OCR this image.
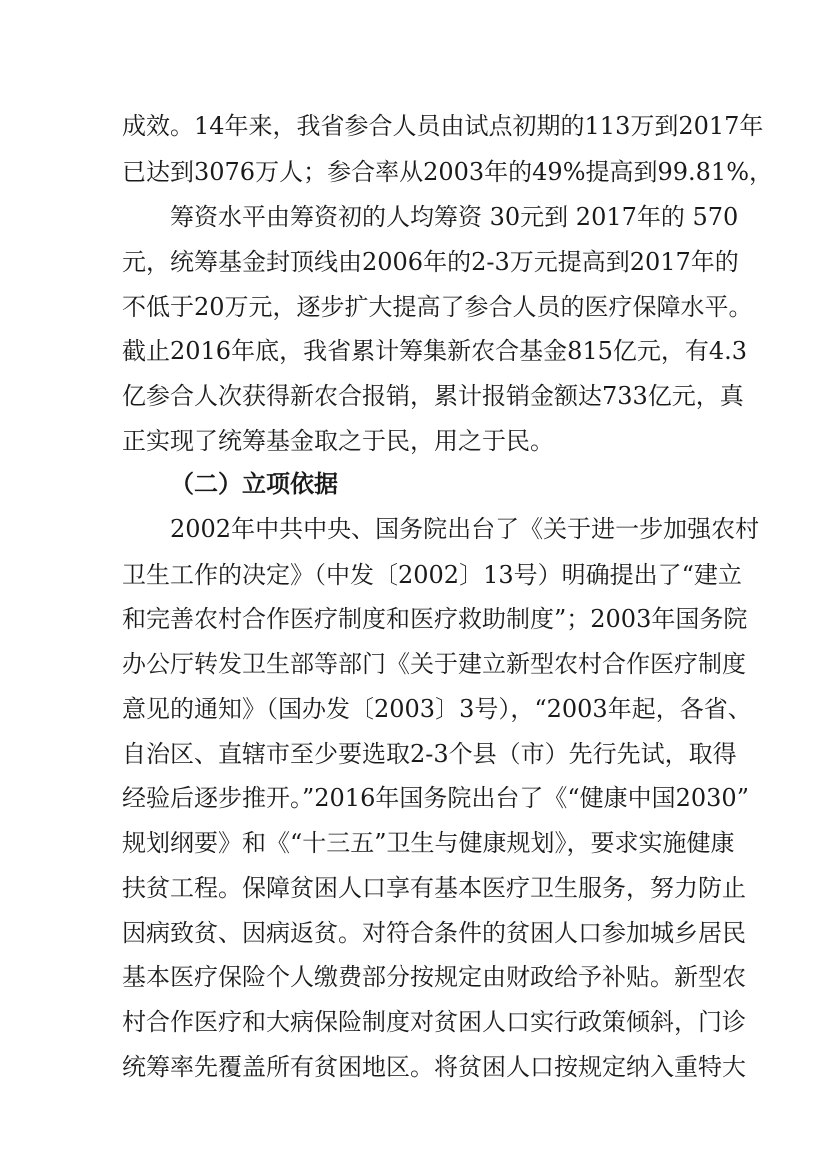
成效。14年来，我省参合人员由试点初期的113万到2017年
已达到3076万人；参合率从2003年的49%提高到99.81%，
筹资水平由筹资初的人均筹资 30元到 2017年的 570
元，统筹基金封顶线由2006年的2-3万元提高到2017年的
不低于20万元，逐步扩大提高了参合人员的医疗保障水平。
截止2016年底，我省累计筹集新农合基金815亿元，有4.3
亿参合人次获得新农合报销，累计报销金额达733亿元，真
正实现了统筹基金取之于民，用之于民。
（二）立项依据
2002年中共中央、国务院出台了《关于进一步加强农村
卫生工作的决定》（中发〔2002〕13号）明确提出了“建立
和完善农村合作医疗制度和医疗救助制度”；2003年国务院
办公厅转发卫生部等部门《关于建立新型农村合作医疗制度
意见的通知》（国办发〔2003〕3号），“2003年起，各省、
自治区、直辖市至少要选取2-3个县（市）先行先试，取得
经验后逐步推开。”2016年国务院出台了《“健康中国2030”
规划纲要》和《“十三五”卫生与健康规划》，要求实施健康
扶贫工程。保障贫困人口享有基本医疗卫生服务，努力防止
因病致贫、因病返贫。对符合条件的贫困人口参加城乡居民
基本医疗保险个人缴费部分按规定由财政给予补贴。新型农
村合作医疗和大病保险制度对贫困人口实行政策倾斜，门诊
统筹率先覆盖所有贫困地区。将贫困人口按规定纳入重特大
